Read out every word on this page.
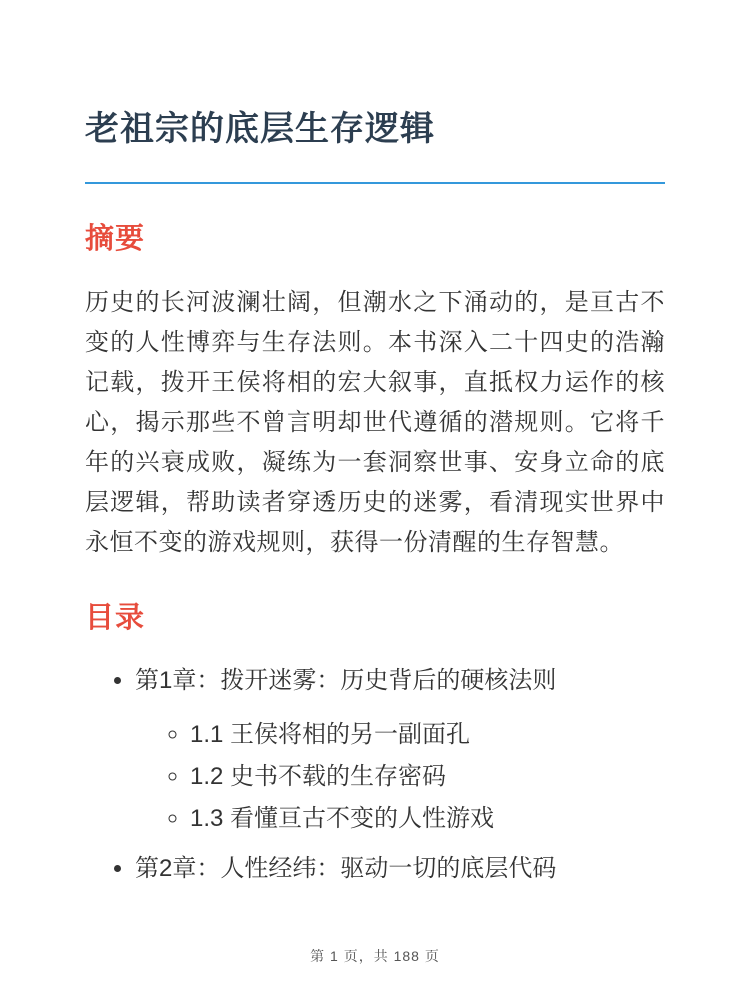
老祖宗的底层生存逻辑
摘要

历史的长河波澜壮阔，但潮水之下涌动的，是亘古不变的人性博弈与生存法则。本书深入二十四史的浩瀚记载，拨开王侯将相的宏大叙事，直抵权力运作的核心，揭示那些不曾言明却世代遵循的潜规则。它将千年的兴衰成败，凝练为一套洞察世事、安身立命的底层逻辑，帮助读者穿透历史的迷雾，看清现实世界中永恒不变的游戏规则，获得一份清醒的生存智慧。

目录
• 第1章：拨开迷雾：历史背后的硬核法则
◦ 1.1 王侯将相的另一副面孔
◦ 1.2 史书不载的生存密码
◦ 1.3 看懂亘古不变的人性游戏
• 第2章：人性经纬：驱动一切的底层代码
第 1 页，共 188 页
